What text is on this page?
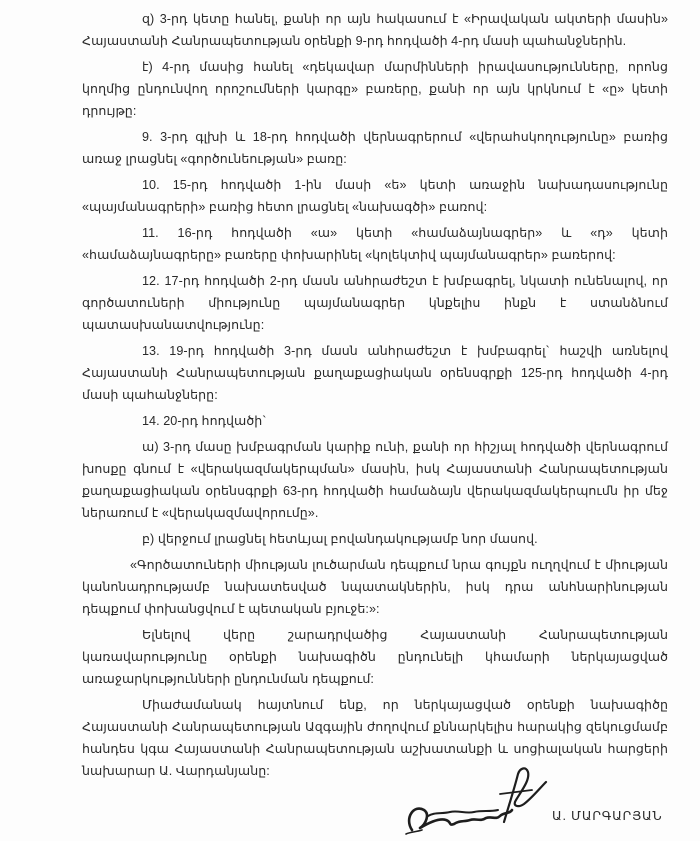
զ) 3-րդ կետը հանել, քանի որ այն հակասում է «Իրավական ակտերի մասին» Հայաստանի Հանրապետության օրենքի 9-րդ հոդվածի 4-րդ մասի պահանջներին.

է) 4-րդ մասից հանել «դեկավար մարմինների իրավասությունները, որոնց կողմից ընդունվող որոշումների կարգը» բառերը, քանի որ այն կրկնում է «ը» կետի դրույթը:

9. 3-րդ գլխի և 18-րդ հոդվածի վերնագրերում «վերահսկողությունը» բառից առաջ լրացնել «գործունեության» բառը:

10. 15-րդ հոդվածի 1-ին մասի «ե» կետի առաջին նախադասությունը «պայմանագրերի» բառից հետո լրացնել «նախագծի» բառով:

11. 16-րդ հոդվածի «ա» կետի «համաձայնագրեր» և «դ» կետի «համաձայնագրերը» բառերը փոխարինել «կոլեկտիվ պայմանագրեր» բառերով:

12. 17-րդ հոդվածի 2-րդ մասն անհրաժեշտ է խմբագրել, նկատի ունենալով, որ գործատուների միությունը պայմանագրեր կնքելիս ինքն է ստանձնում պատասխանատվությունը:

13. 19-րդ հոդվածի 3-րդ մասն անհրաժեշտ է խմբագրել` հաշվի առնելով Հայաստանի Հանրապետության քաղաքացիական օրենսգրքի 125-րդ հոդվածի 4-րդ մասի պահանջները:

14. 20-րդ հոդվածի`

ա) 3-րդ մասը խմբագրման կարիք ունի, քանի որ հիշյալ հոդվածի վերնագրում խոսքը գնում է «վերակազմակերպման» մասին, իսկ Հայաստանի Հանրապետության քաղաքացիական օրենսգրքի 63-րդ հոդվածի համաձայն վերակազմակերպումն իր մեջ ներառում է «վերակազմավորումը».

բ) վերջում լրացնել հետևյալ բովանդակությամբ նոր մասով.

«Գործատուների միության լուծարման դեպքում նրա գույքն ուղղվում է միության կանոնադրությամբ նախատեսված նպատակներին, իսկ դրա անհնարինության դեպքում փոխանցվում է պետական բյուջե:»:

Ելնելով վերը շարադրվածից Հայաստանի Հանրապետության կառավարությունը օրենքի նախագիծն ընդունելի կհամարի ներկայացված առաջարկությունների ընդունման դեպքում:

Միաժամանակ հայտնում ենք, որ ներկայացված օրենքի նախագիծը Հայաստանի Հանրապետության Ազգային ժողովում քննարկելիս հարակից զեկուցմամբ հանդես կգա Հայաստանի Հանրապետության աշխատանքի և սոցիալական հարցերի նախարար Ա. Վարդանյանը:

Ա. ՄԱՐԳԱՐՅԱՆ
